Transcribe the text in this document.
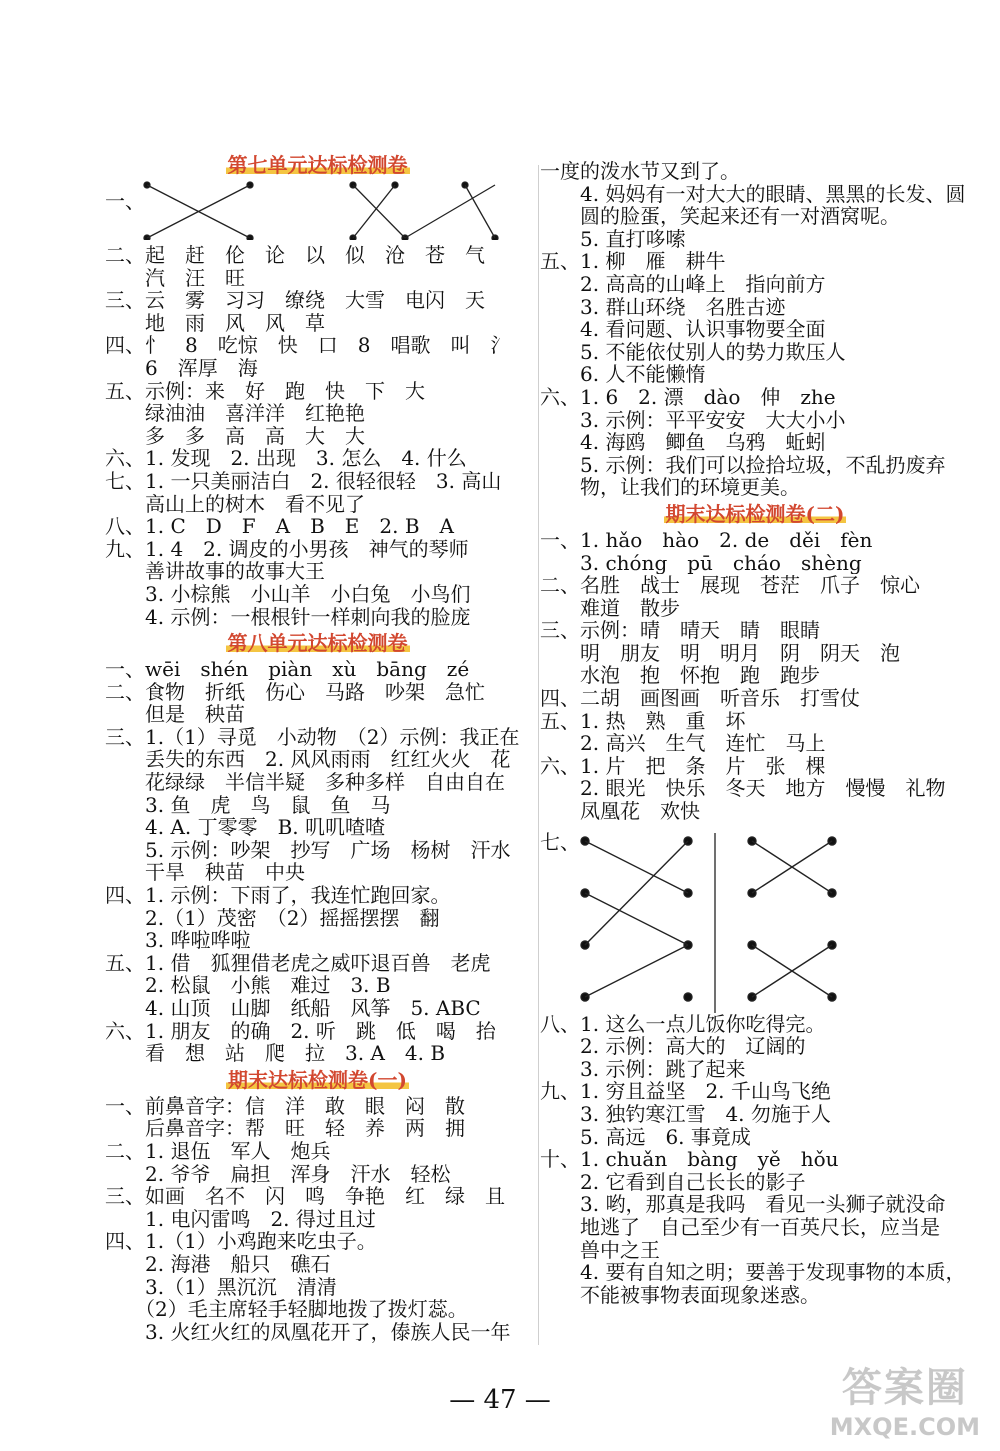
第七单元达标检测卷
一、
二、起　赶　伦　论　以　似　沧　苍　气
　　汽　汪　旺
三、云　雾　习习　缭绕　大雪　电闪　天
　　地　雨　风　风　草
四、忄　8　吃惊　快　口　8　唱歌　叫　氵
　　6　浑厚　海
五、示例：来　好　跑　快　下　大
　　绿油油　喜洋洋　红艳艳
　　多　多　高　高　大　大
六、1. 发现　2. 出现　3. 怎么　4. 什么
七、1. 一只美丽洁白　2. 很轻很轻　3. 高山
　　高山上的树木　看不见了
八、1. C　D　F　A　B　E　2. B　A
九、1. 4　2. 调皮的小男孩　神气的琴师
　　善讲故事的故事大王
　　3. 小棕熊　小山羊　小白兔　小鸟们
　　4. 示例：一根根针一样刺向我的脸庞
第八单元达标检测卷
一、wēi　shén　piàn　xù　bāng　zé
二、食物　折纸　伤心　马路　吵架　急忙
　　但是　秧苗
三、1.（1）寻觅　小动物　（2）示例：我正在
　　丢失的东西　2. 风风雨雨　红红火火　花
　　花绿绿　半信半疑　多种多样　自由自在
　　3. 鱼　虎　鸟　鼠　鱼　马
　　4. A. 丁零零　B. 叽叽喳喳
　　5. 示例：吵架　抄写　广场　杨树　汗水
　　干旱　秧苗　中央
四、1. 示例：下雨了，我连忙跑回家。
　　2.（1）茂密　（2）摇摇摆摆　翻
　　3. 哗啦哗啦
五、1. 借　狐狸借老虎之威吓退百兽　老虎
　　2. 松鼠　小熊　难过　3. B
　　4. 山顶　山脚　纸船　风筝　5. ABC
六、1. 朋友　的确　2. 听　跳　低　喝　抬
　　看　想　站　爬　拉　3. A　4. B
期末达标检测卷(一)
一、前鼻音字：信　洋　敢　眼　闷　散
　　后鼻音字：帮　旺　轻　养　两　拥
二、1. 退伍　军人　炮兵
　　2. 爷爷　扁担　浑身　汗水　轻松
三、如画　名不　闪　鸣　争艳　红　绿　且
　　1. 电闪雷鸣　2. 得过且过
四、1.（1）小鸡跑来吃虫子。
　　2. 海港　船只　礁石
　　3.（1）黑沉沉　清清
　　（2）毛主席轻手轻脚地拨了拨灯蕊。
　　3. 火红火红的凤凰花开了，傣族人民一年
一度的泼水节又到了。
　　4. 妈妈有一对大大的眼睛、黑黑的长发、圆
　　圆的脸蛋，笑起来还有一对酒窝呢。
　　5. 直打哆嗦
五、1. 柳　雁　耕牛
　　2. 高高的山峰上　指向前方
　　3. 群山环绕　名胜古迹
　　4. 看问题、认识事物要全面
　　5. 不能依仗别人的势力欺压人
　　6. 人不能懒惰
六、1. 6　2. 漂　dào　伸　zhe
　　3. 示例：平平安安　大大小小
　　4. 海鸥　鲫鱼　乌鸦　蚯蚓
　　5. 示例：我们可以捡拾垃圾，不乱扔废弃
　　物，让我们的环境更美。
期末达标检测卷(二)
一、1. hǎo　hào　2. de　děi　fèn
　　3. chóng　pū　cháo　shèng
二、名胜　战士　展现　苍茫　爪子　惊心
　　难道　散步
三、示例：晴　晴天　睛　眼睛
　　明　朋友　明　明月　阴　阴天　泡
　　水泡　抱　怀抱　跑　跑步
四、二胡　画图画　听音乐　打雪仗
五、1. 热　熟　重　坏
　　2. 高兴　生气　连忙　马上
六、1. 片　把　条　片　张　棵
　　2. 眼光　快乐　冬天　地方　慢慢　礼物
　　凤凰花　欢快
七、
八、1. 这么一点儿饭你吃得完。
　　2. 示例：高大的　辽阔的
　　3. 示例：跳了起来
九、1. 穷且益坚　2. 千山鸟飞绝
　　3. 独钓寒江雪　4. 勿施于人
　　5. 高远　6. 事竟成
十、1. chuǎn　bàng　yě　hǒu
　　2. 它看到自己长长的影子
　　3. 哟，那真是我吗　看见一头狮子就没命
　　地逃了　自己至少有一百英尺长，应当是
　　兽中之王
　　4. 要有自知之明；要善于发现事物的本质，
　　不能被事物表面现象迷惑。
— 47 —	答案圈
MXQE.COM
